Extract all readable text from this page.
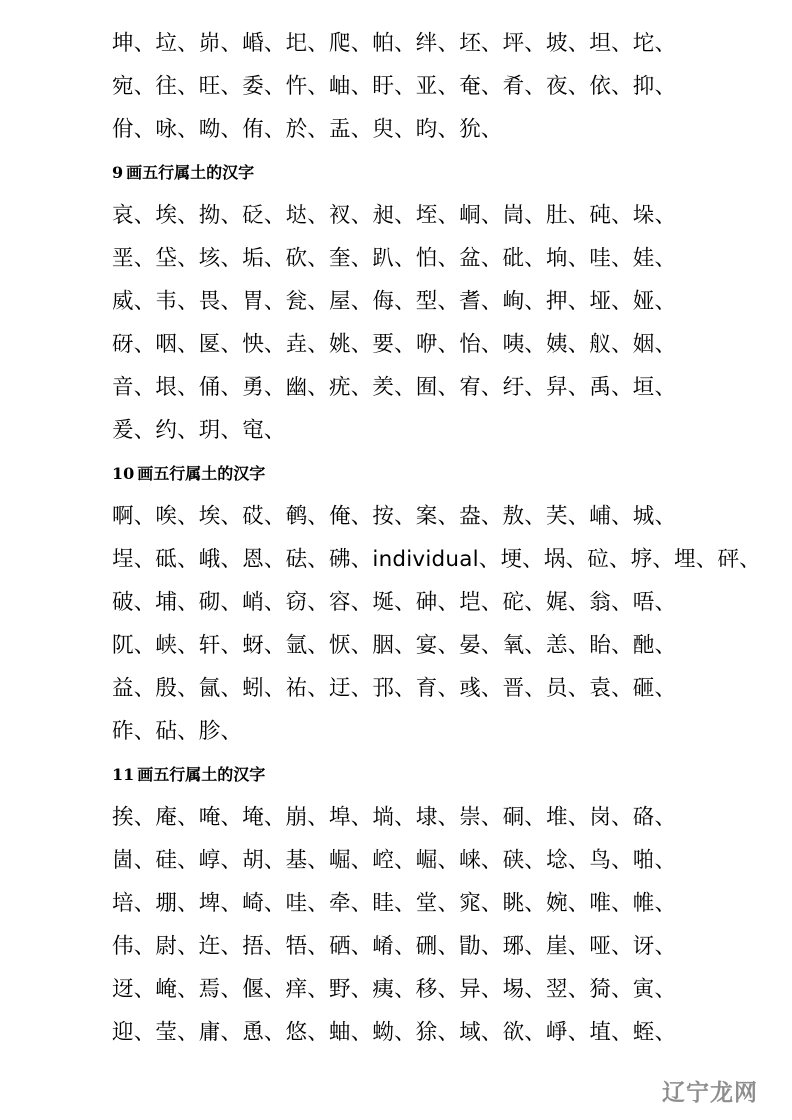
坤、垃、峁、崏、圯、爬、帕、绊、坯、坪、坡、坦、坨、
宛、往、旺、委、忤、岫、盱、亚、奄、肴、夜、依、抑、
佾、咏、呦、侑、於、盂、臾、昀、狁、
9 画五行属土的汉字
哀、埃、拗、砭、垯、衩、昶、垤、峒、峝、肚、砘、垛、
垩、垈、垓、垢、砍、奎、趴、怕、盆、砒、垧、哇、娃、
威、韦、畏、胃、瓮、屋、侮、型、耆、峋、押、垭、娅、
砑、咽、匽、怏、垚、姚、要、咿、怡、咦、姨、舣、姻、
音、垠、俑、勇、幽、疣、羑、囿、宥、纡、舁、禹、垣、
爰、约、玥、窀、
10 画五行属土的汉字
啊、唉、埃、砹、鹌、俺、按、案、盎、敖、芺、峬、城、
埕、砥、峨、恩、砝、砩、individual、埂、埚、砬、垿、埋、砰、
破、埔、砌、峭、窃、容、埏、砷、垲、砣、娓、翁、唔、
阢、峡、轩、蚜、氩、恹、胭、宴、晏、氧、恙、眙、酏、
益、殷、氤、蚓、祐、迂、邘、育、彧、晋、员、袁、砸、
砟、砧、胗、
11 画五行属土的汉字
挨、庵、唵、埯、崩、埠、埫、埭、崇、硐、堆、岗、硌、
崮、硅、崞、胡、基、崛、崆、崛、崃、硖、埝、鸟、啪、
培、堋、埤、崎、哇、牵、眭、堂、窕、眺、婉、唯、帷、
伟、尉、迕、捂、牾、硒、崤、硎、勖、琊、崖、哑、讶、
迓、崦、焉、偃、痒、野、痍、移、异、埸、翌、猗、寅、
迎、莹、庸、恿、悠、蚰、蚴、狳、域、欲、崢、埴、蛭、
辽宁龙网
